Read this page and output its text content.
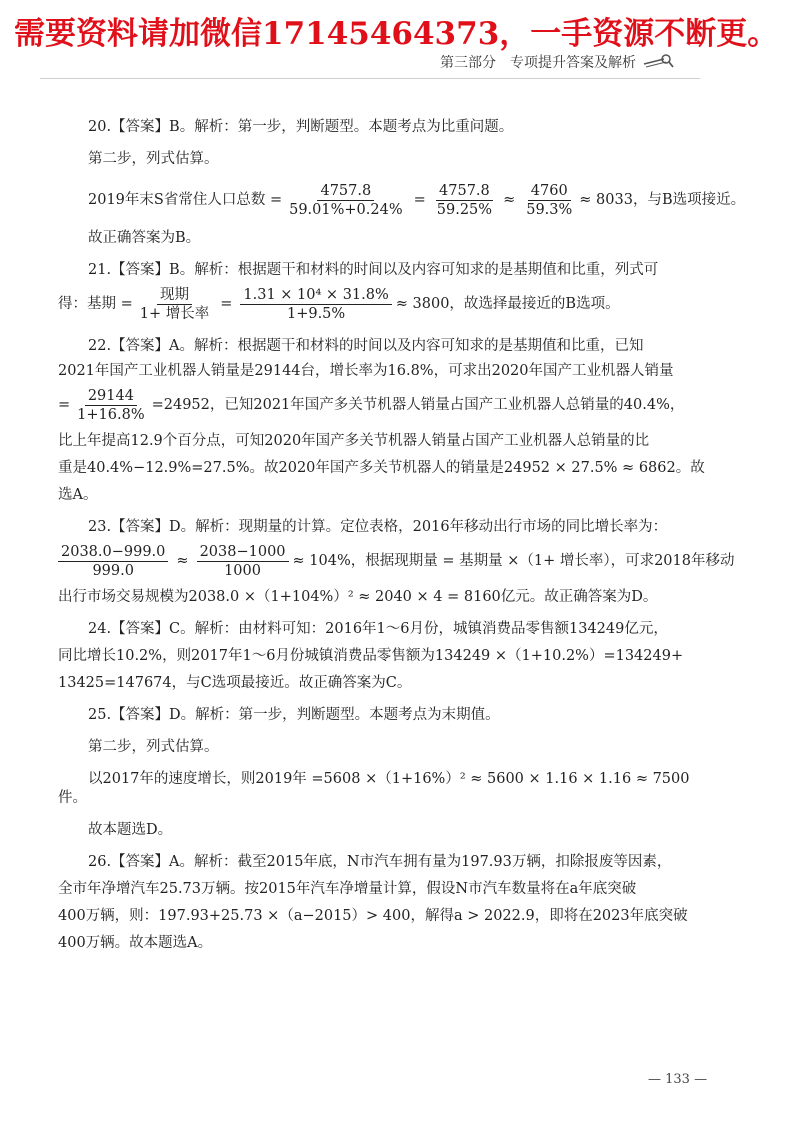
需要资料请加微信17145464373，一手资源不断更。
第三部分 专项提升答案及解析
20.【答案】B。解析：第一步，判断题型。本题考点为比重问题。
第二步，列式估算。
2019年末S省常住人口总数 = $\frac{4757.8}{59.01\%+0.24\%} = \frac{4757.8}{59.25\%} \approx \frac{4760}{59.3\%} \approx 8033$，与B选项接近。
故正确答案为B。
21.【答案】B。解析：根据题干和材料的时间以及内容可知求的是基期值和比重，列式可
得：基期 = $\frac{\text{现期}}{\text{1+ 增长率}} = \frac{\text{1.31 × 10⁴ × 31.8\%}}{1+9.5\%} \approx 3800$，故选择最接近的B选项。
22.【答案】A。解析：根据题干和材料的时间以及内容可知求的是基期值和比重，已知
2021年国产工业机器人销量是29144台，增长率为16.8%，可求出2020年国产工业机器人销量
= $\frac{29144}{1+16.8\%} =24952$，已知2021年国产多关节机器人销量占国产工业机器人总销量的40.4%，
比上年提高12.9个百分点，可知2020年国产多关节机器人销量占国产工业机器人总销量的比
重是40.4%−12.9%=27.5%。故2020年国产多关节机器人的销量是24952 × 27.5% ≈ 6862。故
选A。
23.【答案】D。解析：现期量的计算。定位表格，2016年移动出行市场的同比增长率为：
$\frac{2038.0-999.0}{999.0} \approx \frac{2038-1000}{1000} \approx 104\%$，根据现期量 = 基期量 ×（1+ 增长率），可求2018年移动
出行市场交易规模为2038.0 ×（1+104%）² ≈ 2040 × 4 = 8160亿元。故正确答案为D。
24.【答案】C。解析：由材料可知：2016年1～6月份，城镇消费品零售额134249亿元，
同比增长10.2%，则2017年1～6月份城镇消费品零售额为134249 ×（1+10.2%）=134249+
13425=147674，与C选项最接近。故正确答案为C。
25.【答案】D。解析：第一步，判断题型。本题考点为末期值。
第二步，列式估算。
以2017年的速度增长，则2019年 =5608 ×（1+16%）² ≈ 5600 × 1.16 × 1.16 ≈ 7500件。
故本题选D。
26.【答案】A。解析：截至2015年底，N市汽车拥有量为197.93万辆，扣除报废等因素，
全市年净增汽车25.73万辆。按2015年汽车净增量计算，假设N市汽车数量将在a年底突破
400万辆，则：197.93+25.73 ×（a−2015）> 400，解得a > 2022.9，即将在2023年底突破
400万辆。故本题选A。
— 133 —
